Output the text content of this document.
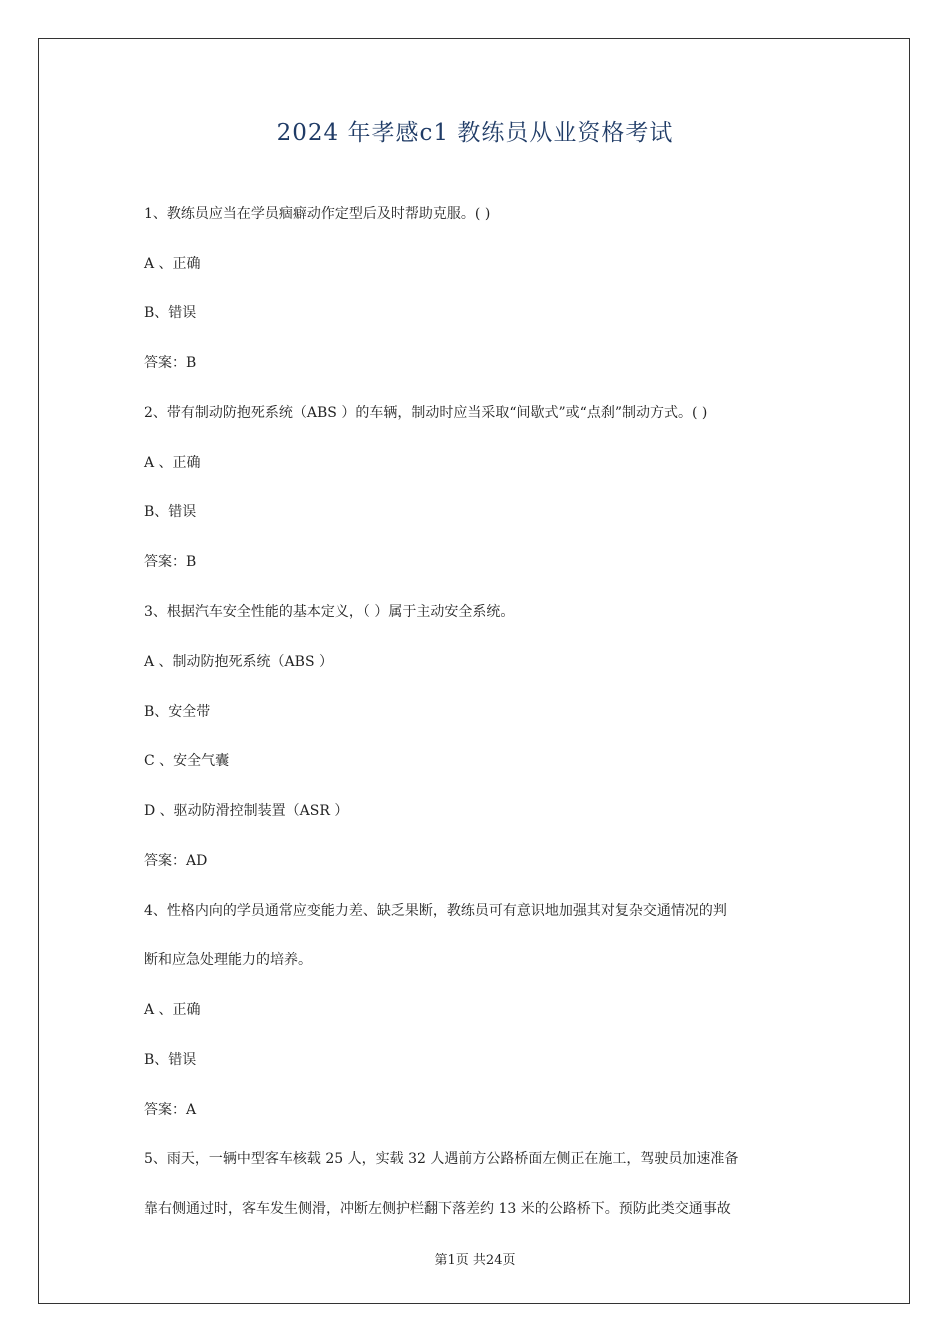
2024 年孝感c1 教练员从业资格考试
1、教练员应当在学员痼癖动作定型后及时帮助克服。( )
A 、正确
B、错误
答案：B
2、带有制动防抱死系统（ABS ）的车辆，制动时应当采取“间歇式”或“点刹”制动方式。( )
A 、正确
B、错误
答案：B
3、根据汽车安全性能的基本定义，（ ）属于主动安全系统。
A 、制动防抱死系统（ABS ）
B、安全带
C 、安全气囊
D 、驱动防滑控制装置（ASR ）
答案：AD
4、性格内向的学员通常应变能力差、缺乏果断，教练员可有意识地加强其对复杂交通情况的判
断和应急处理能力的培养。
A 、正确
B、错误
答案：A
5、雨天，一辆中型客车核载 25 人，实载 32 人遇前方公路桥面左侧正在施工，驾驶员加速准备
靠右侧通过时，客车发生侧滑，冲断左侧护栏翻下落差约 13 米的公路桥下。预防此类交通事故
第1页 共24页
